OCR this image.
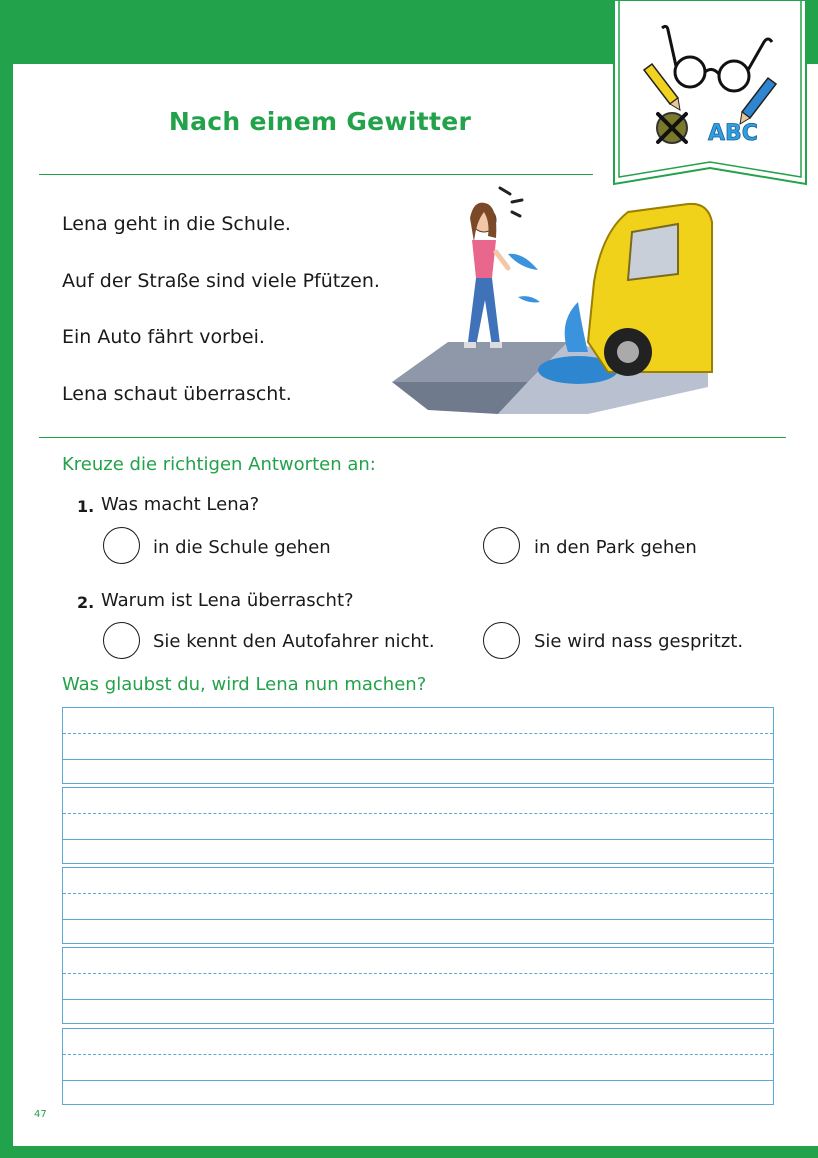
ABC
Nach einem Gewitter
Lena geht in die Schule.
Auf der Straße sind viele Pfützen.
Ein Auto fährt vorbei.
Lena schaut überrascht.
Kreuze die richtigen Antworten an:
1. Was macht Lena?
in die Schule gehen	in den Park gehen
2. Warum ist Lena überrascht?
Sie kennt den Autofahrer nicht.	Sie wird nass gespritzt.
Was glaubst du, wird Lena nun machen?
47
